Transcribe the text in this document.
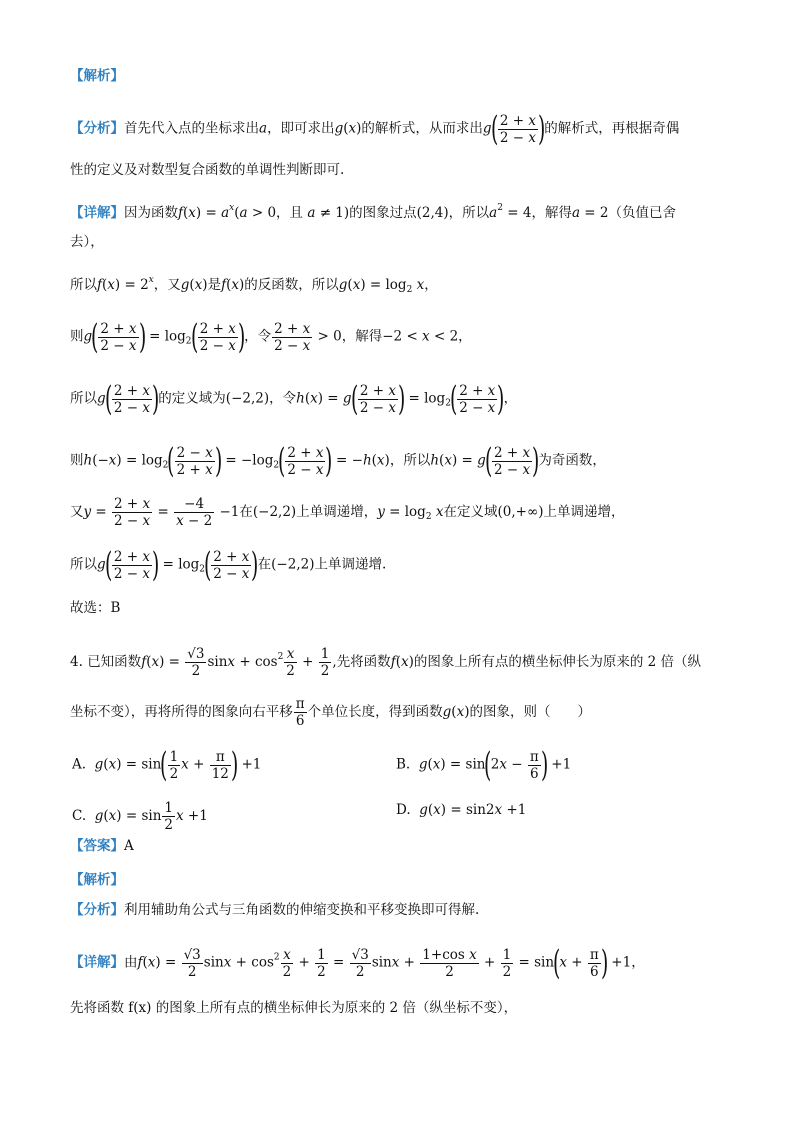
【解析】
【分析】首先代入点的坐标求出a，即可求出g(x)的解析式，从而求出$g( \frac{2 + x}{2 - x}$ )的解析式，再根据奇偶
性的定义及对数型复合函数的单调性判断即可.
【详解】因为函数$f(x) = a^x(a > 0$，且 a ≠ 1)的图象过点(2,4)，所以$a^2 = 4$，解得a = 2（负值已舍
去），
所以$f(x) = 2^x$，又g(x)是f(x)的反函数，所以$g(x) = \log_2 x$，
则$g( \frac{2 + x}{2 - x}$ ) = $\log_2( \frac{2 + x}{2 - x}$ )，令 $\frac{2 + x}{2 - x} > 0$，解得−2 < x < 2，
所以$g( \frac{2 + x}{2 - x}$ )的定义域为(−2,2)，令$h(x) = g( \frac{2 + x}{2 - x}$ ) = $\log_2( \frac{2 + x}{2 - x}$ )，
则$h(-x) = \log_2( \frac{2 - x}{2 + x}$ ) = $-\log_2( \frac{2 + x}{2 - x}$ ) = −h(x)，所以$h(x) = g( \frac{2 + x}{2 - x}$ )为奇函数，
又$y = \frac{2 + x}{2 - x} = \frac{-4}{x - 2} -1$在(−2,2)上单调递增，$y = \log_2 x$在定义域(0,+∞)上单调递增，
所以$g( \frac{2 + x}{2 - x}$ ) = $\log_2( \frac{2 + x}{2 - x}$ )在(−2,2)上单调递增.
故选：B
4. 已知函数$f(x) = \frac{√3}{2}$ $\sin x + \cos^2 \frac{x}{2} + \frac{1}{2}$ ,先将函数f(x)的图象上所有点的横坐标伸长为原来的 2 倍（纵
坐标不变），再将所得的图象向右平移 $\frac{\pi}{6}$ 个单位长度，得到函数g(x)的图象，则（　　）
A. $g(x) = \sin( \frac{1}{2}$ $x + \frac{\pi}{12}$ ) +1	B. $g(x) = \sin(2x - \frac{\pi}{6}$ ) +1
C. $g(x) = \sin \frac{1}{2}$ x +1	D. g(x) = sin2x +1
【答案】A
【解析】
【分析】利用辅助角公式与三角函数的伸缩变换和平移变换即可得解.
【详解】由$f(x) = \frac{√3}{2}$ $\sin x + \cos^2 \frac{x}{2} + \frac{1}{2} = \frac{√3}{2}$ $\sin x + \frac{\text{1+cos x}}{2} + \frac{1}{2} = \sin(x + \frac{\pi}{6}$ ) +1，
先将函数 f(x) 的图象上所有点的横坐标伸长为原来的 2 倍（纵坐标不变），
